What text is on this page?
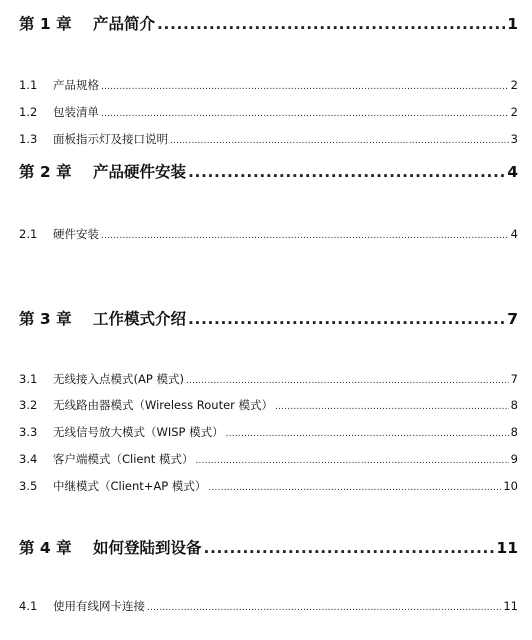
第 1 章	产品简介 .....	1
1.1	产品规格 .....	2
1.2	包装清单 .....	2
1.3	面板指示灯及接口说明 .....	3
第 2 章	产品硬件安装 .....	4
2.1	硬件安装 .....	4
第 3 章	工作模式介绍 .....	7
3.1	无线接入点模式(AP 模式) .....	7
3.2	无线路由器模式（Wireless Router 模式） .....	8
3.3	无线信号放大模式（WISP 模式） .....	8
3.4	客户端模式（Client 模式） .....	9
3.5	中继模式（Client+AP 模式） .....	10
第 4 章	如何登陆到设备 .....	11
4.1	使用有线网卡连接 .....	11
